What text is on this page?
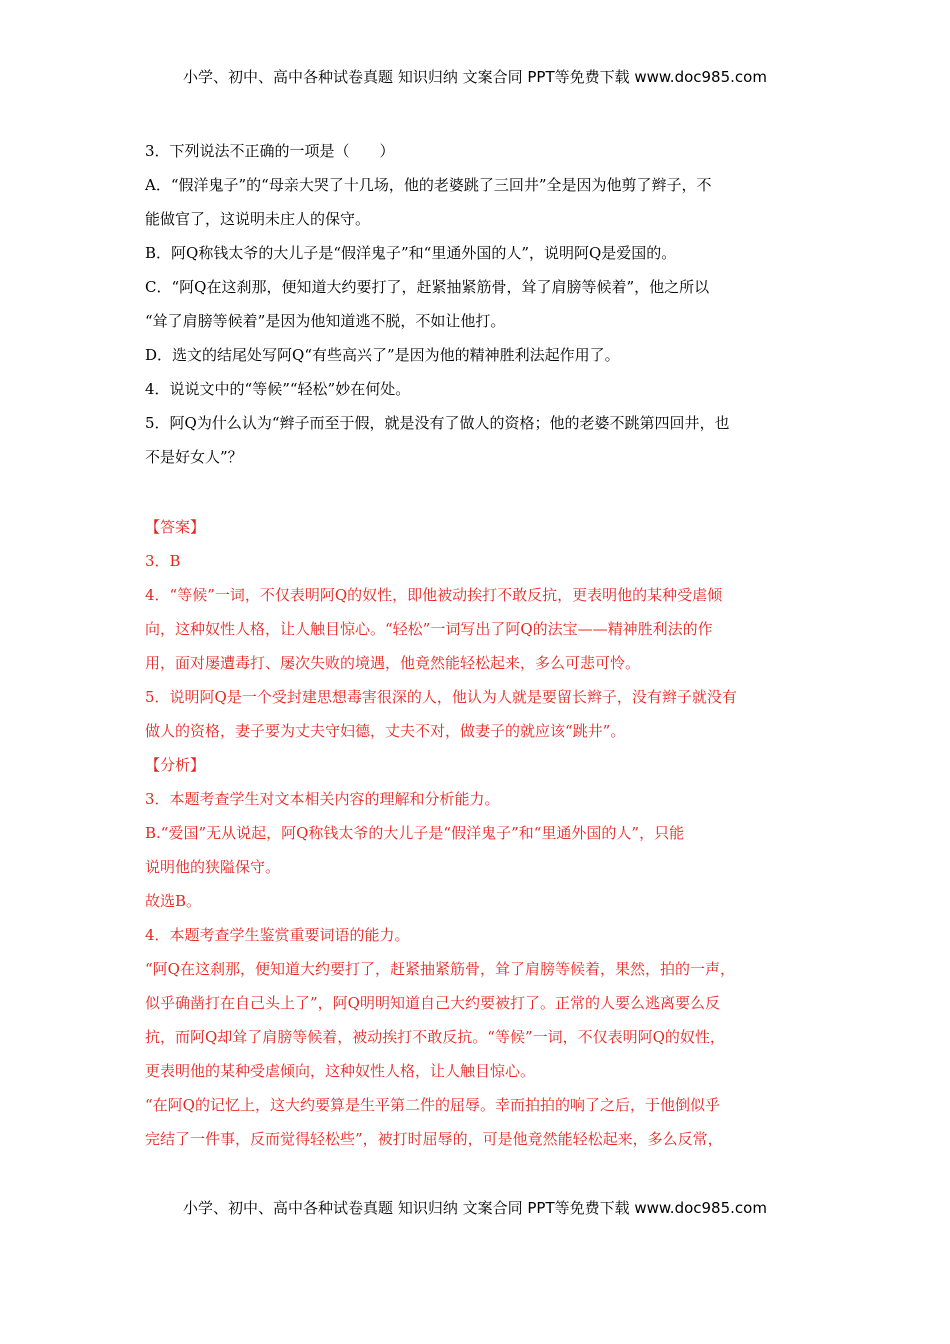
小学、初中、高中各种试卷真题 知识归纳 文案合同 PPT等免费下载 www.doc985.com
3．下列说法不正确的一项是（　　）
A．“假洋鬼子”的“母亲大哭了十几场，他的老婆跳了三回井”全是因为他剪了辫子，不
能做官了，这说明未庄人的保守。
B．阿Q称钱太爷的大儿子是“假洋鬼子”和“里通外国的人”，说明阿Q是爱国的。
C．“阿Q在这刹那，便知道大约要打了，赶紧抽紧筋骨，耸了肩膀等候着”，他之所以
“耸了肩膀等候着”是因为他知道逃不脱，不如让他打。
D．选文的结尾处写阿Q“有些高兴了”是因为他的精神胜利法起作用了。
4．说说文中的“等候”“轻松”妙在何处。
5．阿Q为什么认为“辫子而至于假，就是没有了做人的资格；他的老婆不跳第四回井，也
不是好女人”？
【答案】
3．B
4．“等候”一词，不仅表明阿Q的奴性，即他被动挨打不敢反抗，更表明他的某种受虐倾
向，这种奴性人格，让人触目惊心。“轻松”一词写出了阿Q的法宝——精神胜利法的作
用，面对屡遭毒打、屡次失败的境遇，他竟然能轻松起来，多么可悲可怜。
5．说明阿Q是一个受封建思想毒害很深的人，他认为人就是要留长辫子，没有辫子就没有
做人的资格，妻子要为丈夫守妇德，丈夫不对，做妻子的就应该“跳井”。
【分析】
3．本题考查学生对文本相关内容的理解和分析能力。
B.“爱国”无从说起，阿Q称钱太爷的大儿子是“假洋鬼子”和“里通外国的人”，只能
说明他的狭隘保守。
故选B。
4．本题考查学生鉴赏重要词语的能力。
“阿Q在这刹那，便知道大约要打了，赶紧抽紧筋骨，耸了肩膀等候着，果然，拍的一声，
似乎确凿打在自己头上了”，阿Q明明知道自己大约要被打了。正常的人要么逃离要么反
抗，而阿Q却耸了肩膀等候着，被动挨打不敢反抗。“等候”一词，不仅表明阿Q的奴性，
更表明他的某种受虐倾向，这种奴性人格，让人触目惊心。
“在阿Q的记忆上，这大约要算是生平第二件的屈辱。幸而拍拍的响了之后，于他倒似乎
完结了一件事，反而觉得轻松些”，被打时屈辱的，可是他竟然能轻松起来，多么反常，
小学、初中、高中各种试卷真题 知识归纳 文案合同 PPT等免费下载 www.doc985.com
